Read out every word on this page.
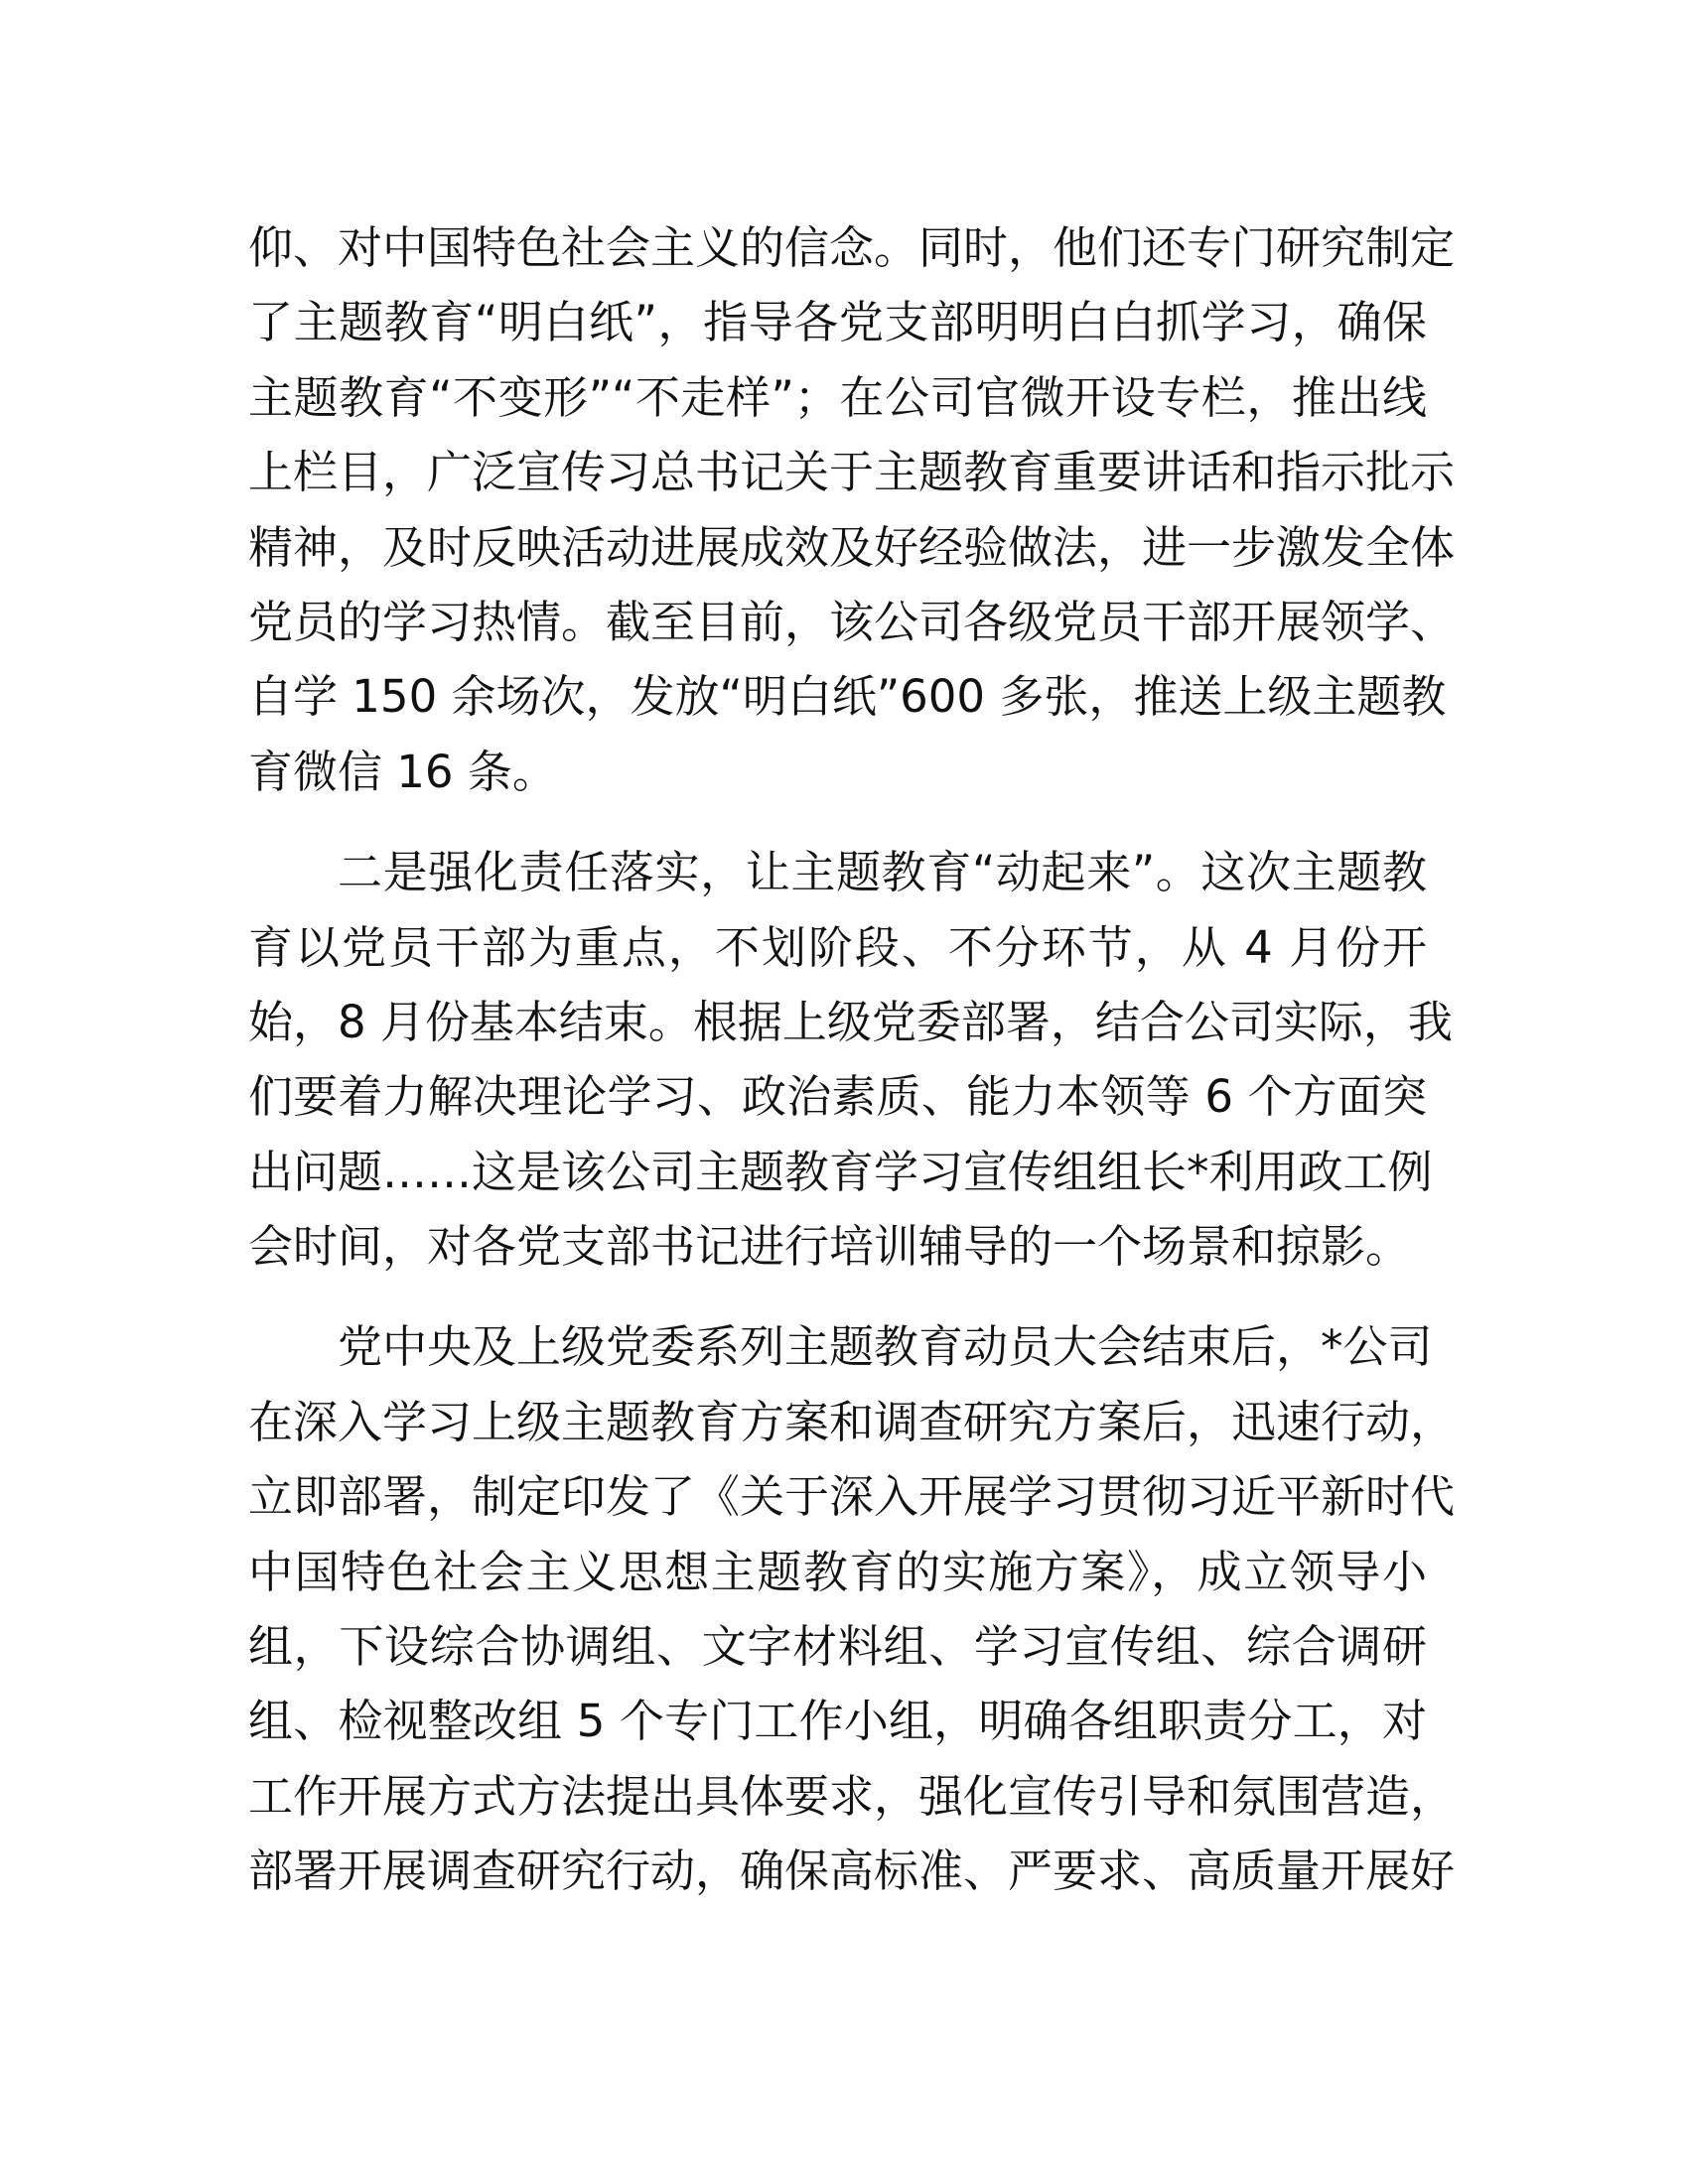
仰、对中国特色社会主义的信念。同时，他们还专门研究制定
了主题教育“明白纸”，指导各党支部明明白白抓学习，确保
主题教育“不变形”“不走样”；在公司官微开设专栏，推出线
上栏目，广泛宣传习总书记关于主题教育重要讲话和指示批示
精神，及时反映活动进展成效及好经验做法，进一步激发全体
党员的学习热情。截至目前，该公司各级党员干部开展领学、
自学 150 余场次，发放“明白纸”600 多张，推送上级主题教
育微信 16 条。
二是强化责任落实，让主题教育“动起来”。这次主题教
育以党员干部为重点，不划阶段、不分环节，从 4 月份开
始，8 月份基本结束。根据上级党委部署，结合公司实际，我
们要着力解决理论学习、政治素质、能力本领等 6 个方面突
出问题……这是该公司主题教育学习宣传组组长*利用政工例
会时间，对各党支部书记进行培训辅导的一个场景和掠影。
党中央及上级党委系列主题教育动员大会结束后，*公司
在深入学习上级主题教育方案和调查研究方案后，迅速行动，
立即部署，制定印发了《关于深入开展学习贯彻习近平新时代
中国特色社会主义思想主题教育的实施方案》，成立领导小
组，下设综合协调组、文字材料组、学习宣传组、综合调研
组、检视整改组 5 个专门工作小组，明确各组职责分工，对
工作开展方式方法提出具体要求，强化宣传引导和氛围营造，
部署开展调查研究行动，确保高标准、严要求、高质量开展好
